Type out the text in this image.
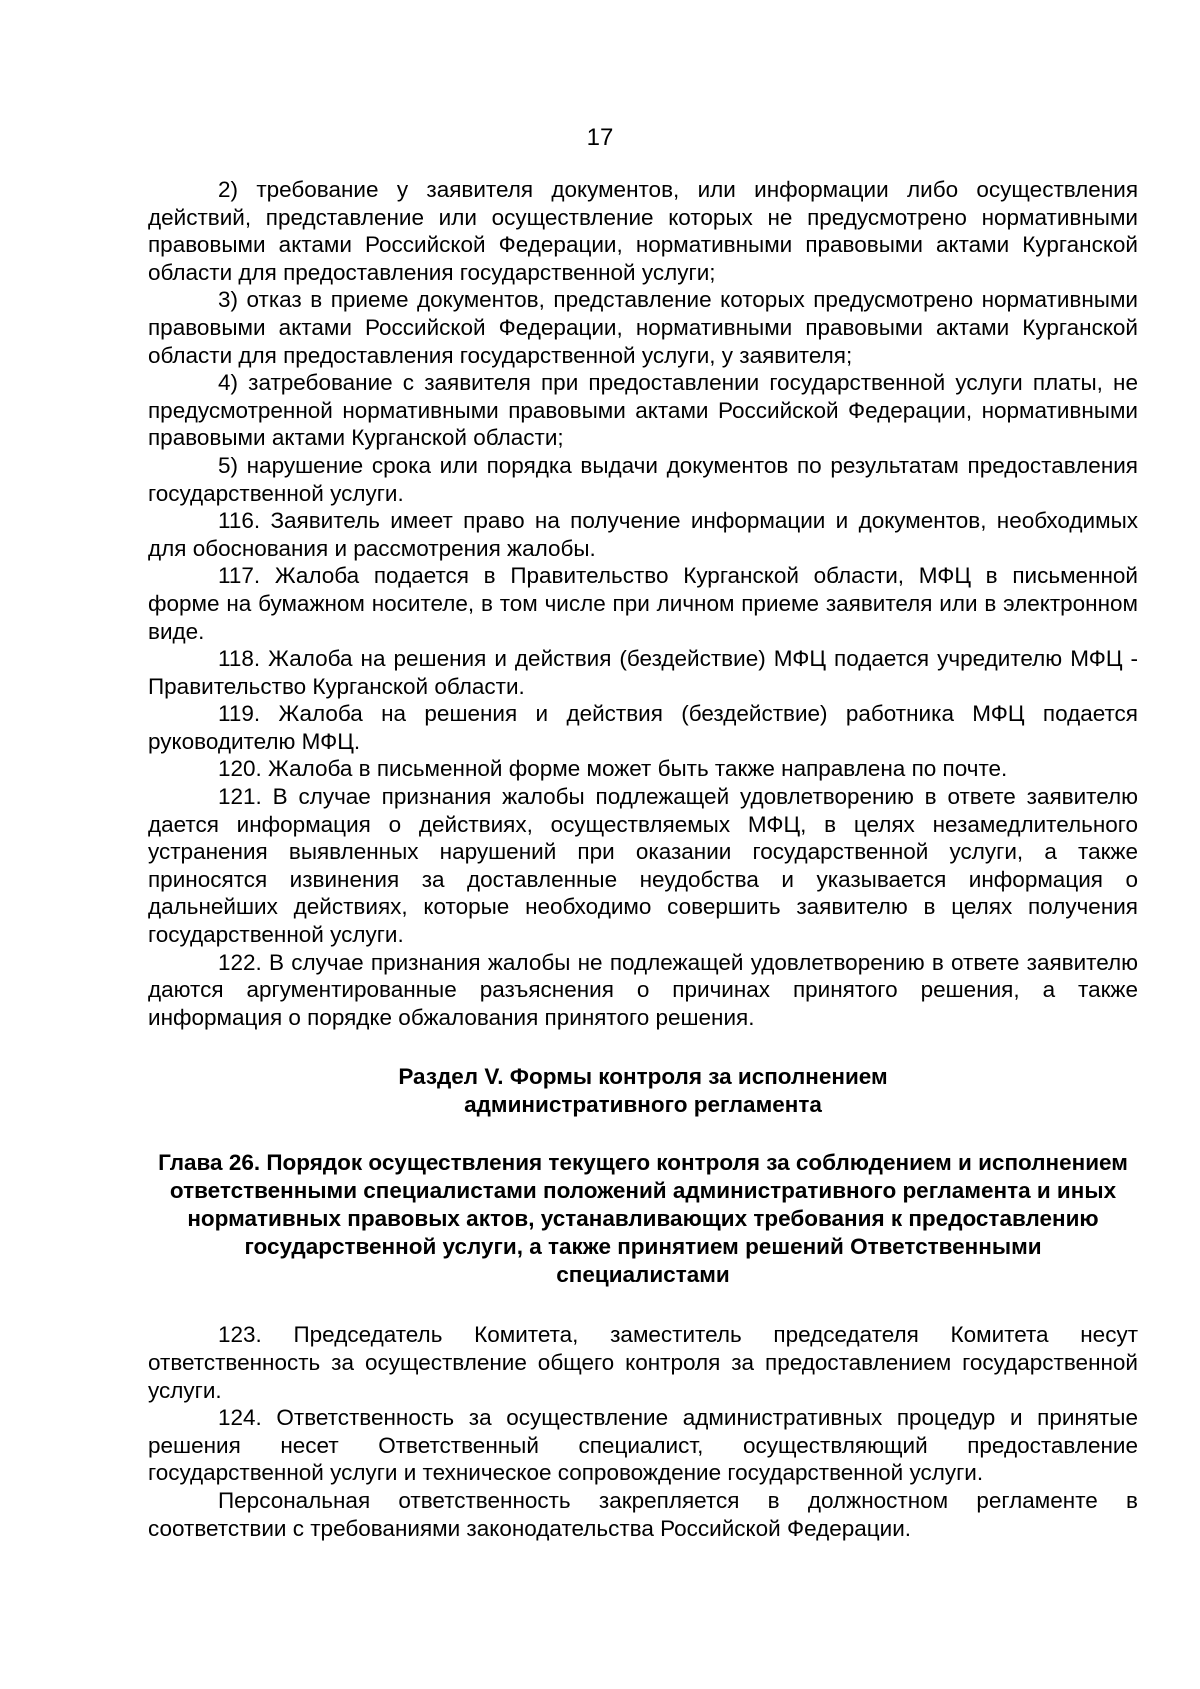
17

2) требование у заявителя документов, или информации либо осуществления действий, представление или осуществление которых не предусмотрено нормативными правовыми актами Российской Федерации, нормативными правовыми актами Курганской области для предоставления государственной услуги;

3) отказ в приеме документов, представление которых предусмотрено нормативными правовыми актами Российской Федерации, нормативными правовыми актами Курганской области для предоставления государственной услуги, у заявителя;

4) затребование с заявителя при предоставлении государственной услуги платы, не предусмотренной нормативными правовыми актами Российской Федерации, нормативными правовыми актами Курганской области;

5) нарушение срока или порядка выдачи документов по результатам предоставления государственной услуги.

116. Заявитель имеет право на получение информации и документов, необходимых для обоснования и рассмотрения жалобы.

117. Жалоба подается в Правительство Курганской области, МФЦ в письменной форме на бумажном носителе, в том числе при личном приеме заявителя или в электронном виде.

118. Жалоба на решения и действия (бездействие) МФЦ подается учредителю МФЦ - Правительство Курганской области.

119. Жалоба на решения и действия (бездействие) работника МФЦ подается руководителю МФЦ.

120. Жалоба в письменной форме может быть также направлена по почте.

121. В случае признания жалобы подлежащей удовлетворению в ответе заявителю дается информация о действиях, осуществляемых МФЦ, в целях незамедлительного устранения выявленных нарушений при оказании государственной услуги, а также приносятся извинения за доставленные неудобства и указывается информация о дальнейших действиях, которые необходимо совершить заявителю в целях получения государственной услуги.

122. В случае признания жалобы не подлежащей удовлетворению в ответе заявителю даются аргументированные разъяснения о причинах принятого решения, а также информация о порядке обжалования принятого решения.

Раздел V. Формы контроля за исполнением административного регламента

Глава 26. Порядок осуществления текущего контроля за соблюдением и исполнением ответственными специалистами положений административного регламента и иных нормативных правовых актов, устанавливающих требования к предоставлению государственной услуги, а также принятием решений Ответственными специалистами

123. Председатель Комитета, заместитель председателя Комитета несут ответственность за осуществление общего контроля за предоставлением государственной услуги.

124. Ответственность за осуществление административных процедур и принятые решения несет Ответственный специалист, осуществляющий предоставление государственной услуги и техническое сопровождение государственной услуги.

Персональная ответственность закрепляется в должностном регламенте в соответствии с требованиями законодательства Российской Федерации.
